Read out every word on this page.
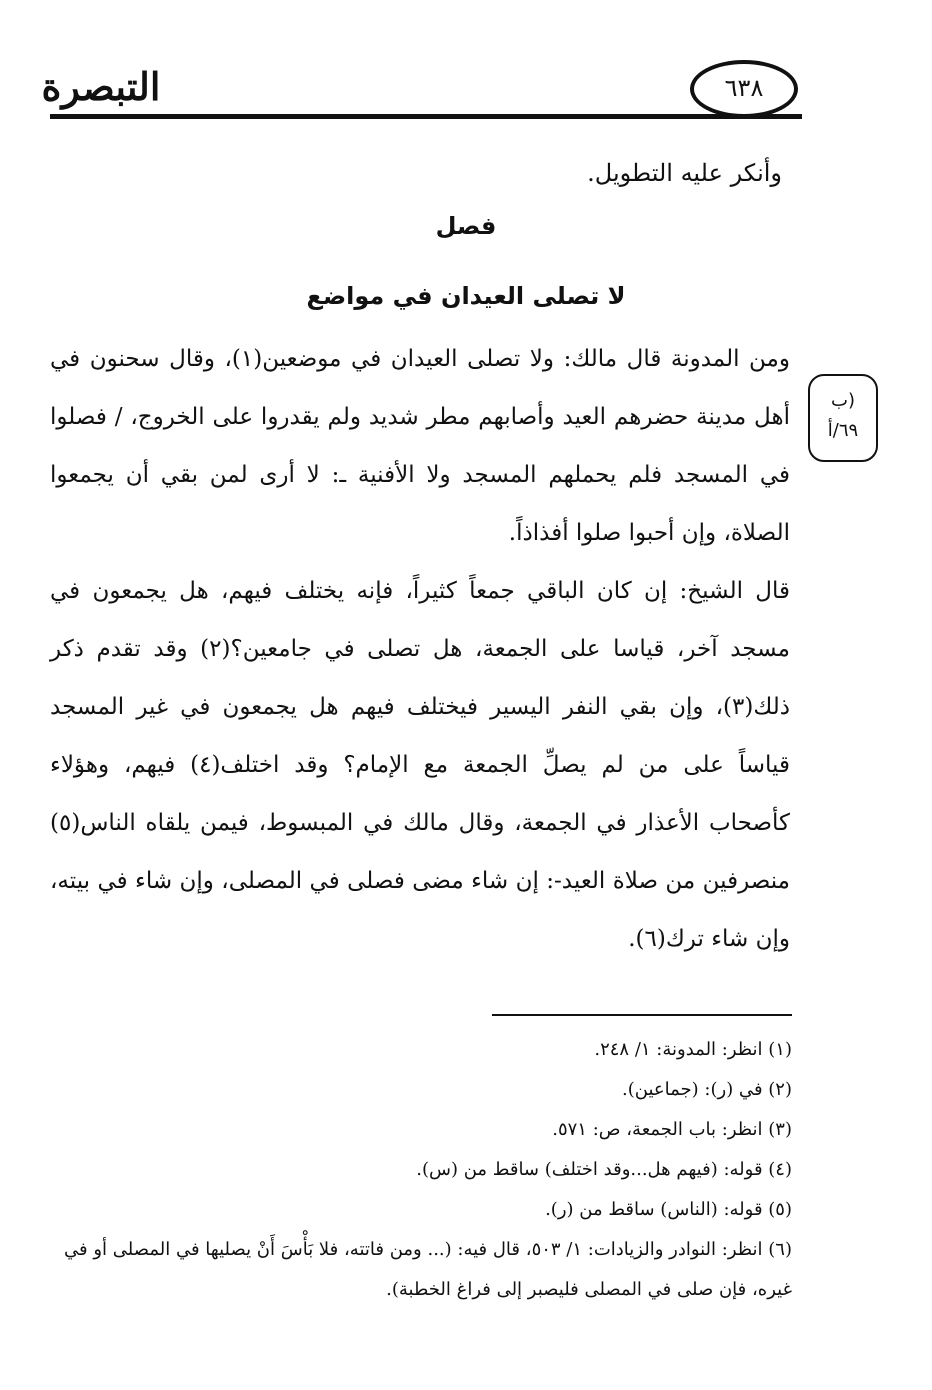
التبصرة	٦٣٨
وأنكر عليه التطويل.
فصل
لا تصلى العيدان في مواضع
ومن المدونة قال مالك: ولا تصلى العيدان في موضعين(١)، وقال سحنون في أهل مدينة حضرهم العيد وأصابهم مطر شديد ولم يقدروا على الخروج، / فصلوا في المسجد فلم يحملهم المسجد ولا الأفنية ـ: لا أرى لمن بقي أن يجمعوا الصلاة، وإن أحبوا صلوا أفذاذاً.
(ب
٦٩/أ
قال الشيخ: إن كان الباقي جمعاً كثيراً، فإنه يختلف فيهم، هل يجمعون في مسجد آخر، قياسا على الجمعة، هل تصلى في جامعين؟(٢) وقد تقدم ذكر ذلك(٣)، وإن بقي النفر اليسير فيختلف فيهم هل يجمعون في غير المسجد قياساً على من لم يصلِّ الجمعة مع الإمام؟ وقد اختلف(٤) فيهم، وهؤلاء كأصحاب الأعذار في الجمعة، وقال مالك في المبسوط، فيمن يلقاه الناس(٥) منصرفين من صلاة العيد-: إن شاء مضى فصلى في المصلى، وإن شاء في بيته، وإن شاء ترك(٦).
(١) انظر: المدونة: ١/ ٢٤٨.
(٢) في (ر): (جماعين).
(٣) انظر: باب الجمعة، ص: ٥٧١.
(٤) قوله: (فيهم هل...وقد اختلف) ساقط من (س).
(٥) قوله: (الناس) ساقط من (ر).
(٦) انظر: النوادر والزيادات: ١/ ٥٠٣، قال فيه: (... ومن فاتته، فلا بَأْسَ أَنْ يصليها في المصلى أو في غيره، فإن صلى في المصلى فليصبر إلى فراغ الخطبة).
